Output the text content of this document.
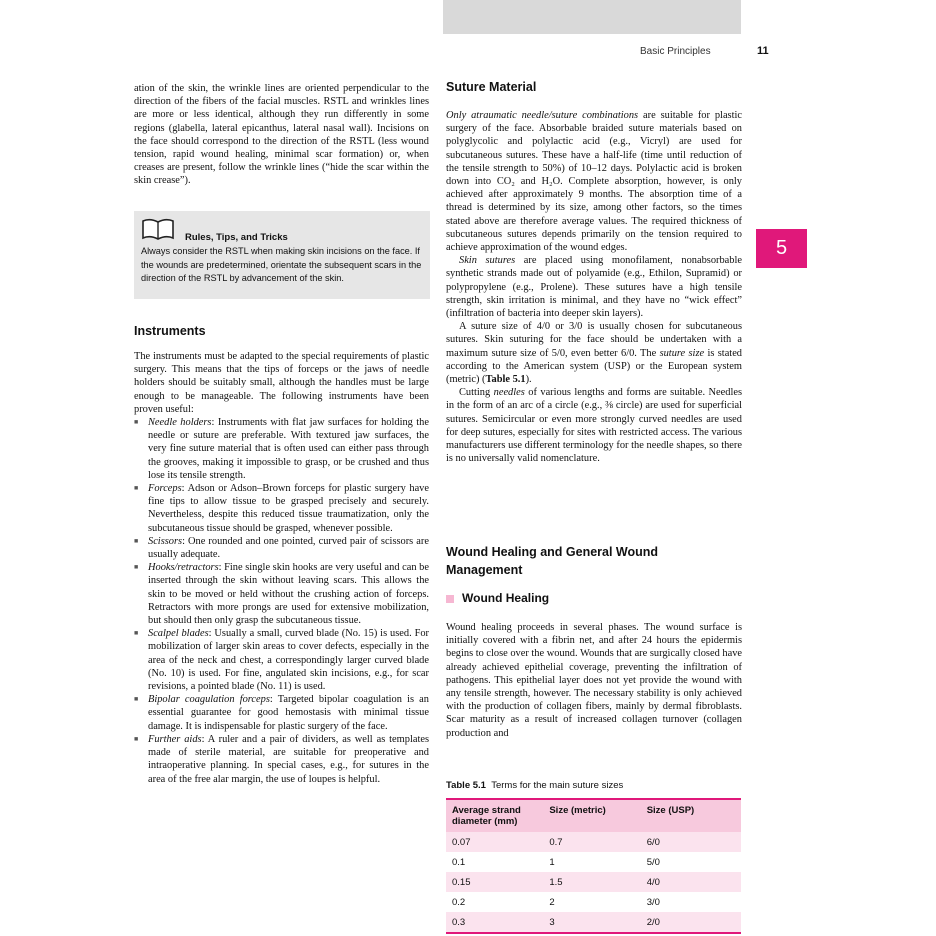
Basic Principles	11
5
ation of the skin, the wrinkle lines are oriented perpendicular to the direction of the fibers of the facial muscles. RSTL and wrinkles lines are more or less identical, although they run differently in some regions (glabella, lateral epicanthus, lateral nasal wall). Incisions on the face should correspond to the direction of the RSTL (less wound tension, rapid wound healing, minimal scar formation) or, when creases are present, follow the wrinkle lines (“hide the scar within the skin crease”).
Rules, Tips, and Tricks
Always consider the RSTL when making skin incisions on the face. If the wounds are predetermined, orientate the subsequent scars in the direction of the RSTL by advancement of the skin.
Instruments

The instruments must be adapted to the special requirements of plastic surgery. This means that the tips of forceps or the jaws of needle holders should be suitably small, although the handles must be large enough to be manageable. The following instruments have been proven useful:

■ Needle holders: Instruments with flat jaw surfaces for holding the needle or suture are preferable. With textured jaw surfaces, the very fine suture material that is often used can either pass through the grooves, making it impossible to grasp, or be crushed and thus lose its tensile strength.
■ Forceps: Adson or Adson–Brown forceps for plastic surgery have fine tips to allow tissue to be grasped precisely and securely. Nevertheless, despite this reduced tissue traumatization, only the subcutaneous tissue should be grasped, whenever possible.
■ Scissors: One rounded and one pointed, curved pair of scissors are usually adequate.
■ Hooks/retractors: Fine single skin hooks are very useful and can be inserted through the skin without leaving scars. This allows the skin to be moved or held without the crushing action of forceps. Retractors with more prongs are used for extensive mobilization, but should then only grasp the subcutaneous tissue.
■ Scalpel blades: Usually a small, curved blade (No. 15) is used. For mobilization of larger skin areas to cover defects, especially in the area of the neck and chest, a correspondingly larger curved blade (No. 10) is used. For fine, angulated skin incisions, e.g., for scar revisions, a pointed blade (No. 11) is used.
■ Bipolar coagulation forceps: Targeted bipolar coagulation is an essential guarantee for good hemostasis with minimal tissue damage. It is indispensable for plastic surgery of the face.
■ Further aids: A ruler and a pair of dividers, as well as templates made of sterile material, are suitable for preoperative and intraoperative planning. In special cases, e.g., for sutures in the area of the free alar margin, the use of loupes is helpful.
Suture Material

Only atraumatic needle/suture combinations are suitable for plastic surgery of the face. Absorbable braided suture materials based on polyglycolic and polylactic acid (e.g., Vicryl) are used for subcutaneous sutures. These have a half-life (time until reduction of the tensile strength to 50%) of 10–12 days. Polylactic acid is broken down into CO₂ and H₂O. Complete absorption, however, is only achieved after approximately 9 months. The absorption time of a thread is determined by its size, among other factors, so the times stated above are therefore average values. The required thickness of subcutaneous sutures depends primarily on the tension required to achieve approximation of the wound edges.

Skin sutures are placed using monofilament, nonabsorbable synthetic strands made out of polyamide (e.g., Ethilon, Supramid) or polypropylene (e.g., Prolene). These sutures have a high tensile strength, skin irritation is minimal, and they have no “wick effect” (infiltration of bacteria into deeper skin layers).

A suture size of 4/0 or 3/0 is usually chosen for subcutaneous sutures. Skin suturing for the face should be undertaken with a maximum suture size of 5/0, even better 6/0. The suture size is stated according to the American system (USP) or the European system (metric) (Table 5.1).

Cutting needles of various lengths and forms are suitable. Needles in the form of an arc of a circle (e.g., ⅜ circle) are used for superficial sutures. Semicircular or even more strongly curved needles are used for deep sutures, especially for sites with restricted access. The various manufacturers use different terminology for the needle shapes, so there is no universally valid nomenclature.

Wound Healing and General Wound
Management
Wound Healing
Wound healing proceeds in several phases. The wound surface is initially covered with a fibrin net, and after 24 hours the epidermis begins to close over the wound. Wounds that are surgically closed have already achieved epithelial coverage, preventing the infiltration of pathogens. This epithelial layer does not yet provide the wound with any tensile strength, however. The necessary stability is only achieved with the production of collagen fibers, mainly by dermal fibroblasts. Scar maturity as a result of increased collagen turnover (collagen production and
Table 5.1 Terms for the main suture sizes
Average strand diameter (mm)	Size (metric)	Size (USP)
0.07	0.7	6/0
0.1	1	5/0
0.15	1.5	4/0
0.2	2	3/0
0.3	3	2/0
